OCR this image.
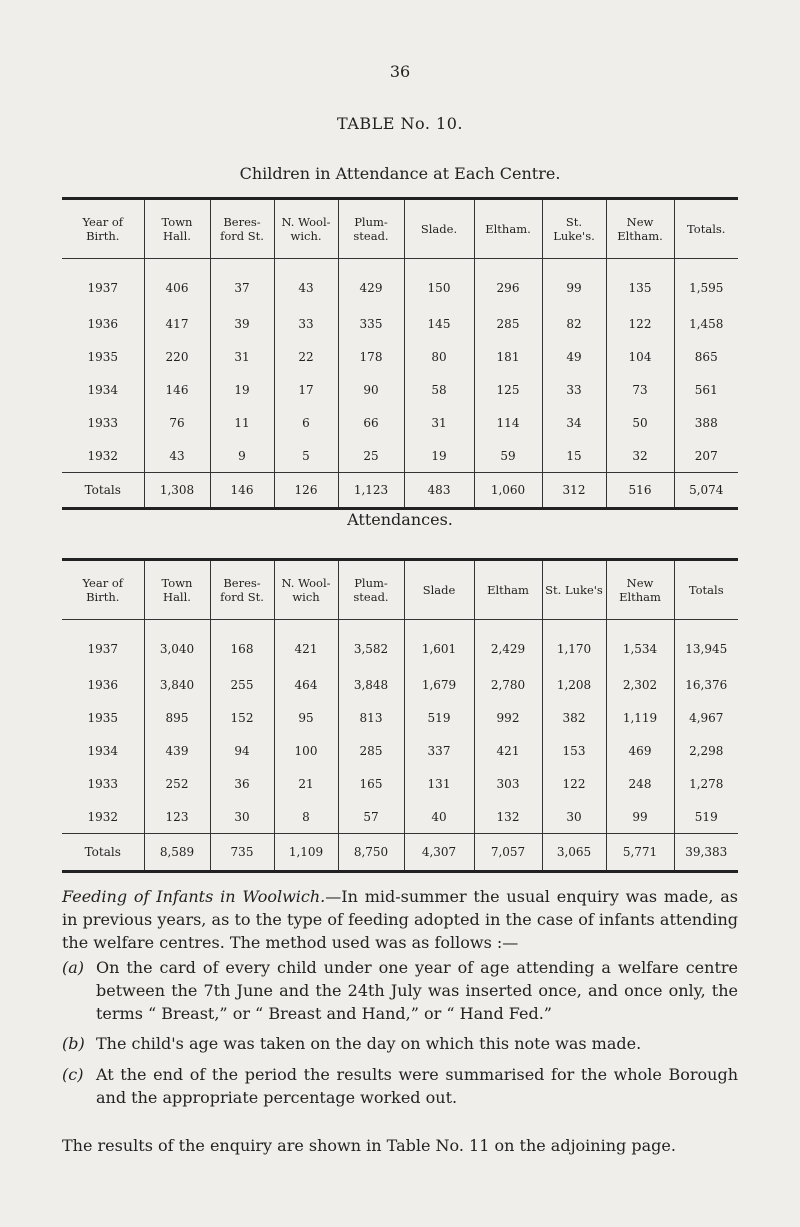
36
TABLE No. 10.
Children in Attendance at Each Centre.
Year of Birth.	Town Hall.	Beres- ford St.	N. Wool- wich.	Plum- stead.	Slade.	Eltham.	St. Luke's.	New Eltham.	Totals.
1937	406	37	43	429	150	296	99	135	1,595
1936	417	39	33	335	145	285	82	122	1,458
1935	220	31	22	178	80	181	49	104	865
1934	146	19	17	90	58	125	33	73	561
1933	76	11	6	66	31	114	34	50	388
1932	43	9	5	25	19	59	15	32	207
Totals	1,308	146	126	1,123	483	1,060	312	516	5,074
Attendances.
Year of Birth.	Town Hall.	Beres- ford St.	N. Wool- wich	Plum- stead.	Slade	Eltham	St. Luke's	New Eltham	Totals
1937	3,040	168	421	3,582	1,601	2,429	1,170	1,534	13,945
1936	3,840	255	464	3,848	1,679	2,780	1,208	2,302	16,376
1935	895	152	95	813	519	992	382	1,119	4,967
1934	439	94	100	285	337	421	153	469	2,298
1933	252	36	21	165	131	303	122	248	1,278
1932	123	30	8	57	40	132	30	99	519
Totals	8,589	735	1,109	8,750	4,307	7,057	3,065	5,771	39,383
Feeding of Infants in Woolwich.—In mid-summer the usual enquiry was made, as in previous years, as to the type of feeding adopted in the case of infants attending the welfare centres. The method used was as follows :—
(a) On the card of every child under one year of age attending a welfare centre between the 7th June and the 24th July was inserted once, and once only, the terms “ Breast,” or “ Breast and Hand,” or “ Hand Fed.”
(b) The child's age was taken on the day on which this note was made.
(c) At the end of the period the results were summarised for the whole Borough and the appropriate percentage worked out.
The results of the enquiry are shown in Table No. 11 on the adjoining page.
